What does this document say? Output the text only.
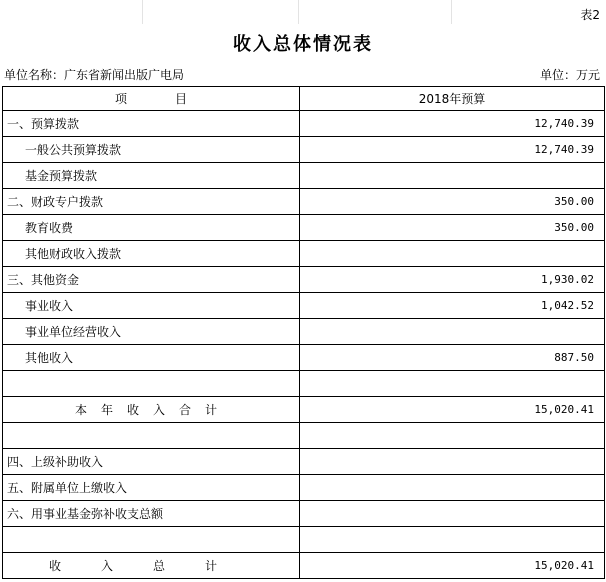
表2
收入总体情况表
单位名称：广东省新闻出版广电局	单位：万元
项 目	2018年预算
一、预算拨款	12,740.39
一般公共预算拨款	12,740.39
基金预算拨款	
二、财政专户拨款	350.00
教育收费	350.00
其他财政收入拨款	
三、其他资金	1,930.02
事业收入	1,042.52
事业单位经营收入	
其他收入	887.50

本年收入合计	15,020.41

四、上级补助收入	
五、附属单位上缴收入	
六、用事业基金弥补收支总额	

收入总计	15,020.41
